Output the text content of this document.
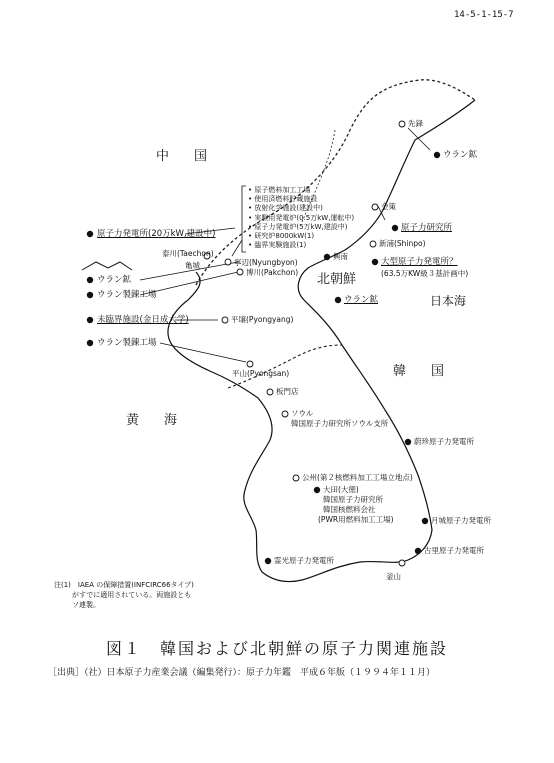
14-5-1-15-7
中　国
北朝鮮
日本海
韓　国
黄　海
原子力発電所(20万kW,建設中)
ウラン鉱
ウラン製錬工場
未臨界施設(金日成大学)
ウラン製錬工場
• 原子燃料加工工場
• 使用済燃料貯蔵施設
• 放射化学施設(建設中)
• 実験用発電炉(0.5万kW,運転中)
• 原子力発電炉(5万kW,建設中)
• 研究炉8000kW(1)
• 臨界実験施設(1)
泰川(Taechon)
亀城	寧辺(Nyungbyon)
博川(Pakchon)
平壌(Pyongyang)
平山(Pyongsan)
先鋒
金策
新浦(Shinpo)
興南
板門店
ソウル
公州(第２核燃料加工工場立地点)
大田(大徳)
釜山
ウラン鉱
原子力研究所
大型原子力発電所？
(63.5万KW級３基計画中)
ウラン鉱
韓国原子力研究所ソウル支所
蔚珍原子力発電所
月城原子力発電所
古里原子力発電所
霊光原子力発電所
韓国原子力研究所
韓国核燃料会社
(PWR用燃料加工工場)
注(1)　IAEA の保障措置(INFCIRC66タイプ)
がすでに適用されている。両施設とも
ソ連製。
図１　韓国および北朝鮮の原子力関連施設
［出典］（社）日本原子力産業会議（編集発行）：原子力年鑑　平成６年版（１９９４年１１月）
